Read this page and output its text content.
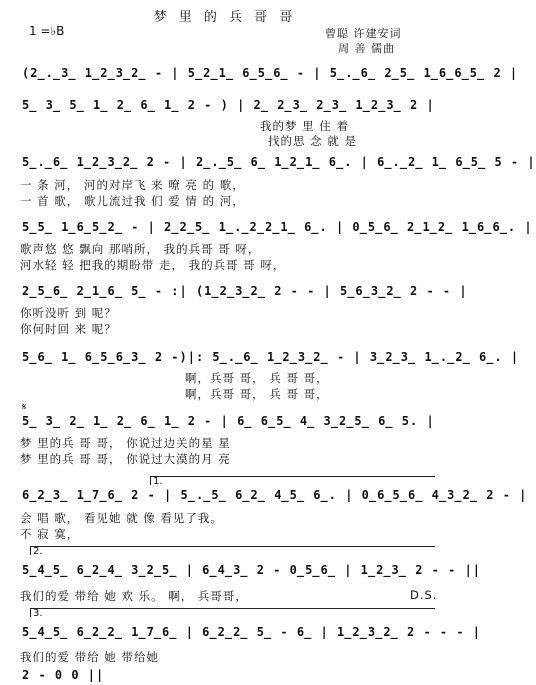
梦 里 的 兵 哥 哥
1 =♭B	曾聪 许建安词
周 善 儒曲
(2̲.̲3̲ 1̲2̲3̲2̲ - | 5̲2̲1̲ 6̲5̲6̲ - | 5̲.̲6̲ 2̲5̲ 1̲6̲6̲5̲ 2 |
5̲ 3̲ 5̲ 1̲ 2̲ 6̲ 1̲ 2 - ) | 2̲ 2̲3̲ 2̲3̲ 1̲2̲3̲ 2 |
我的梦 里 住 着
找的思 念 就 是
5̲.̲6̲ 1̲2̲3̲2̲ 2 - | 2̲.̲5̲ 6̲ 1̲2̲1̲ 6̲. | 6̲.̲2̲ 1̲ 6̲5̲ 5 - |
一 条 河， 河的对岸飞 来 嘹 亮 的 歌，
一 首 歌， 歌儿流过我 们 爱 情 的 河，
5̲5̲ 1̲6̲5̲2̲ - | 2̲2̲5̲ 1̲.̲2̲2̲1̲ 6̲. | 0̲5̲6̲ 2̲1̲2̲ 1̲6̲6̲. |
歌声悠 悠 飘向 那哨所， 我的兵哥 哥 呀，
河水轻 轻 把我的期盼带 走， 我的兵哥 哥 呀，
2̲5̲6̲ 2̲1̲6̲ 5̲ - :| (1̲2̲3̲2̲ 2 - - | 5̲6̲3̲2̲ 2 - - |
你听没听 到 呢？
你何时回 来 呢？
5̲6̲ 1̲ 6̲5̲6̲3̲ 2 -)|: 5̲.̲6̲ 1̲2̲3̲2̲ - | 3̲2̲3̲ 1̲.̲2̲ 6̲. |
啊，兵哥 哥， 兵 哥 哥，
啊，兵哥 哥， 兵 哥 哥，
𝄋
5̲ 3̲ 2̲ 1̲ 2̲ 6̲ 1̲ 2 - | 6̲ 6̲5̲ 4̲ 3̲2̲5̲ 6̲ 5. |
梦 里的兵 哥 哥， 你说过边关的星 星
梦 里的兵 哥 哥， 你说过大漠的月 亮
1.
6̲2̲3̲ 1̲7̲6̲ 2 - | 5̲.̲5̲ 6̲2̲ 4̲5̲ 6̲. | 0̲6̲5̲6̲ 4̲3̲2̲ 2 - |
会 唱 歌， 看见她 就 像 看见了我。
不 寂 寞，
2.
5̲4̲5̲ 6̲2̲4̲ 3̲2̲5̲ | 6̲4̲3̲ 2 - 0̲5̲6̲ | 1̲2̲3̲ 2 - - ||
我们的爱 带给 她 欢 乐。 啊， 兵哥哥，	D.S.
3.
5̲4̲5̲ 6̲2̲2̲ 1̲7̲6̲ | 6̲2̲2̲ 5̲ - 6̲ | 1̲2̲3̲2̲ 2 - - - |
我们的爱 带给 她 带给她
2 - 0 0 ||
